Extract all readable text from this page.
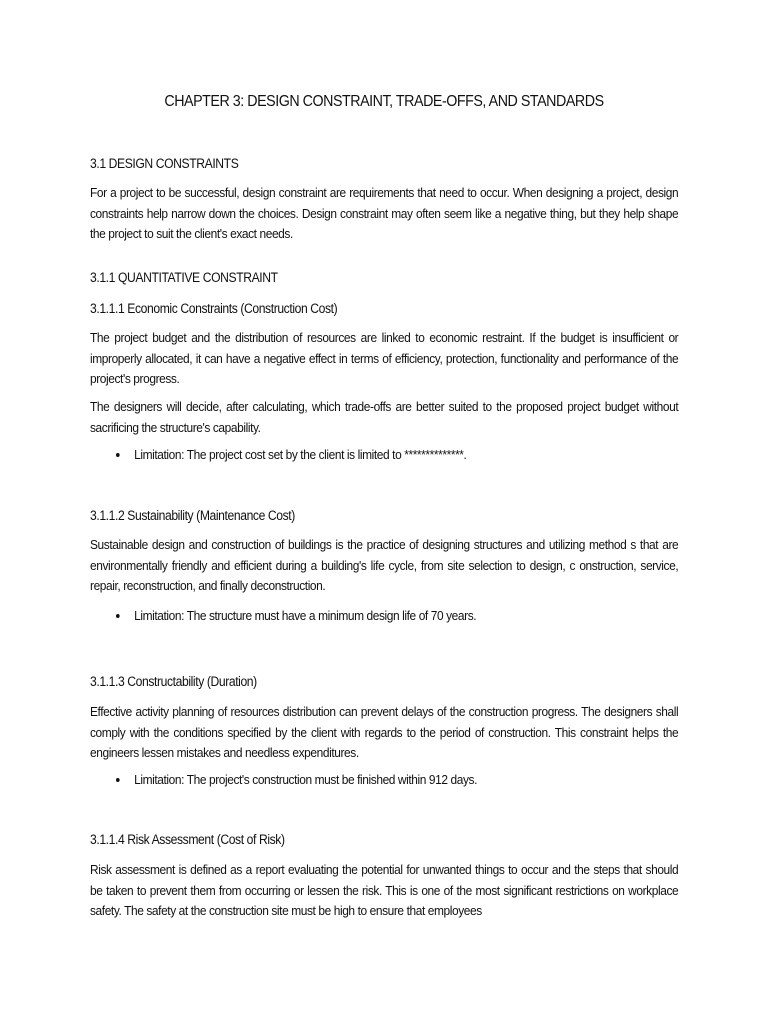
CHAPTER 3: DESIGN CONSTRAINT, TRADE-OFFS, AND STANDARDS
3.1 DESIGN CONSTRAINTS
For a project to be successful, design constraint are requirements that need to occur. When designing a project, design constraints help narrow down the choices. Design constraint may often seem like a negative thing, but they help shape the project to suit the client's exact needs.
3.1.1 QUANTITATIVE CONSTRAINT
3.1.1.1 Economic Constraints (Construction Cost)
The project budget and the distribution of resources are linked to economic restraint. If the budget is insufficient or improperly allocated, it can have a negative effect in terms of efficiency, protection, functionality and performance of the project's progress.
The designers will decide, after calculating, which trade-offs are better suited to the proposed project budget without sacrificing the structure's capability.
Limitation: The project cost set by the client is limited to **************.
3.1.1.2 Sustainability (Maintenance Cost)
Sustainable design and construction of buildings is the practice of designing structures and utilizing method s that are environmentally friendly and efficient during a building's life cycle, from site selection to design, c onstruction, service, repair, reconstruction, and finally deconstruction.
Limitation: The structure must have a minimum design life of 70 years.
3.1.1.3 Constructability (Duration)
Effective activity planning of resources distribution can prevent delays of the construction progress. The designers shall comply with the conditions specified by the client with regards to the period of construction. This constraint helps the engineers lessen mistakes and needless expenditures.
Limitation: The project's construction must be finished within 912 days.
3.1.1.4 Risk Assessment (Cost of Risk)
Risk assessment is defined as a report evaluating the potential for unwanted things to occur and the steps that should be taken to prevent them from occurring or lessen the risk. This is one of the most significant restrictions on workplace safety. The safety at the construction site must be high to ensure that employees
